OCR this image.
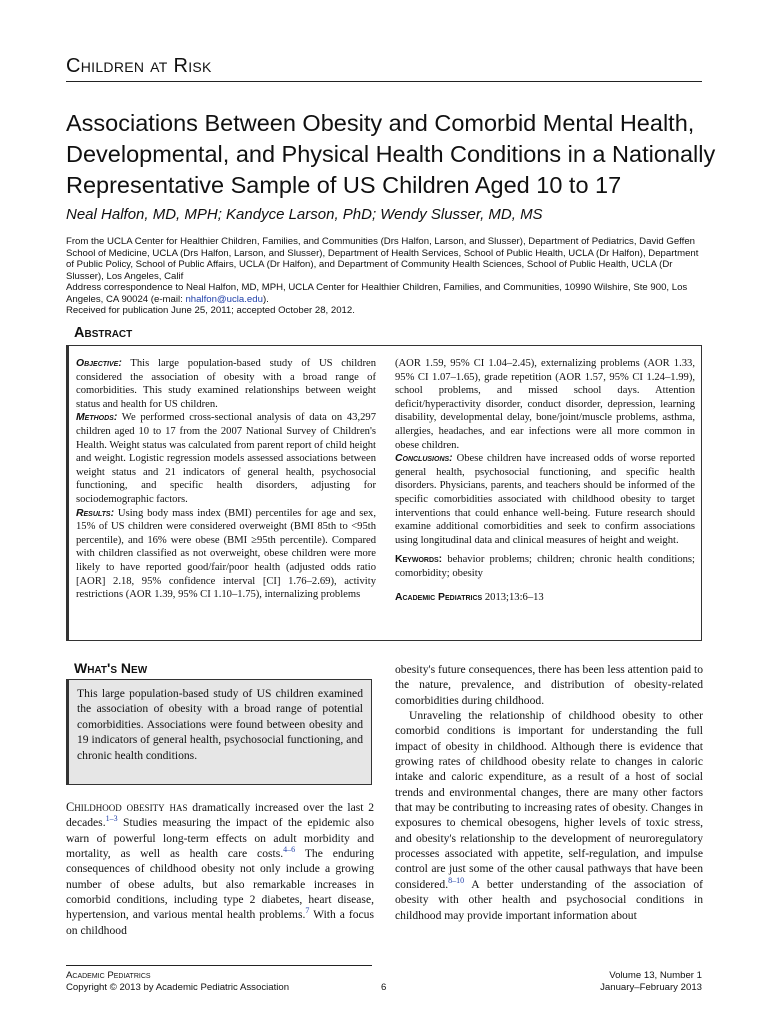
Children at Risk
Associations Between Obesity and Comorbid Mental Health, Developmental, and Physical Health Conditions in a Nationally Representative Sample of US Children Aged 10 to 17
Neal Halfon, MD, MPH; Kandyce Larson, PhD; Wendy Slusser, MD, MS
From the UCLA Center for Healthier Children, Families, and Communities (Drs Halfon, Larson, and Slusser), Department of Pediatrics, David Geffen School of Medicine, UCLA (Drs Halfon, Larson, and Slusser), Department of Health Services, School of Public Health, UCLA (Dr Halfon), Department of Public Policy, School of Public Affairs, UCLA (Dr Halfon), and Department of Community Health Sciences, School of Public Health, UCLA (Dr Slusser), Los Angeles, Calif
Address correspondence to Neal Halfon, MD, MPH, UCLA Center for Healthier Children, Families, and Communities, 10990 Wilshire, Ste 900, Los Angeles, CA 90024 (e-mail: nhalfon@ucla.edu).
Received for publication June 25, 2011; accepted October 28, 2012.
Abstract

Objective: This large population-based study of US children considered the association of obesity with a broad range of comorbidities. This study examined relationships between weight status and health for US children.

Methods: We performed cross-sectional analysis of data on 43,297 children aged 10 to 17 from the 2007 National Survey of Children's Health. Weight status was calculated from parent report of child height and weight. Logistic regression models assessed associations between weight status and 21 indicators of general health, psychosocial functioning, and specific health disorders, adjusting for sociodemographic factors.

Results: Using body mass index (BMI) percentiles for age and sex, 15% of US children were considered overweight (BMI 85th to <95th percentile), and 16% were obese (BMI ≥95th percentile). Compared with children classified as not overweight, obese children were more likely to have reported good/fair/poor health (adjusted odds ratio [AOR] 2.18, 95% confidence interval [CI] 1.76–2.69), activity restrictions (AOR 1.39, 95% CI 1.10–1.75), internalizing problems

(AOR 1.59, 95% CI 1.04–2.45), externalizing problems (AOR 1.33, 95% CI 1.07–1.65), grade repetition (AOR 1.57, 95% CI 1.24–1.99), school problems, and missed school days. Attention deficit/hyperactivity disorder, conduct disorder, depression, learning disability, developmental delay, bone/joint/muscle problems, asthma, allergies, headaches, and ear infections were all more common in obese children.

Conclusions: Obese children have increased odds of worse reported general health, psychosocial functioning, and specific health disorders. Physicians, parents, and teachers should be informed of the specific comorbidities associated with childhood obesity to target interventions that could enhance well-being. Future research should examine additional comorbidities and seek to confirm associations using longitudinal data and clinical measures of height and weight.

Keywords: behavior problems; children; chronic health conditions; comorbidity; obesity

Academic Pediatrics 2013;13:6–13

What's New
This large population-based study of US children examined the association of obesity with a broad range of potential comorbidities. Associations were found between obesity and 19 indicators of general health, psychosocial functioning, and chronic health conditions.

Childhood obesity has dramatically increased over the last 2 decades.$^{1-3}$ Studies measuring the impact of the epidemic also warn of powerful long-term effects on adult morbidity and mortality, as well as health care costs.$^{4-6}$ The enduring consequences of childhood obesity not only include a growing number of obese adults, but also remarkable increases in comorbid conditions, including type 2 diabetes, heart disease, hypertension, and various mental health problems.$^7$ With a focus on childhood

obesity's future consequences, there has been less attention paid to the nature, prevalence, and distribution of obesity-related comorbidities during childhood.

Unraveling the relationship of childhood obesity to other comorbid conditions is important for understanding the full impact of obesity in childhood. Although there is evidence that growing rates of childhood obesity relate to changes in caloric intake and caloric expenditure, as a result of a host of social trends and environmental changes, there are many other factors that may be contributing to increasing rates of obesity. Changes in exposures to chemical obesogens, higher levels of toxic stress, and obesity's relationship to the development of neuroregulatory processes associated with appetite, self-regulation, and impulse control are just some of the other causal pathways that have been considered.$^{8-10}$ A better understanding of the association of obesity with other health and psychosocial conditions in childhood may provide important information about

Academic Pediatrics
Copyright © 2013 by Academic Pediatric Association	6
Volume 13, Number 1
January–February 2013
